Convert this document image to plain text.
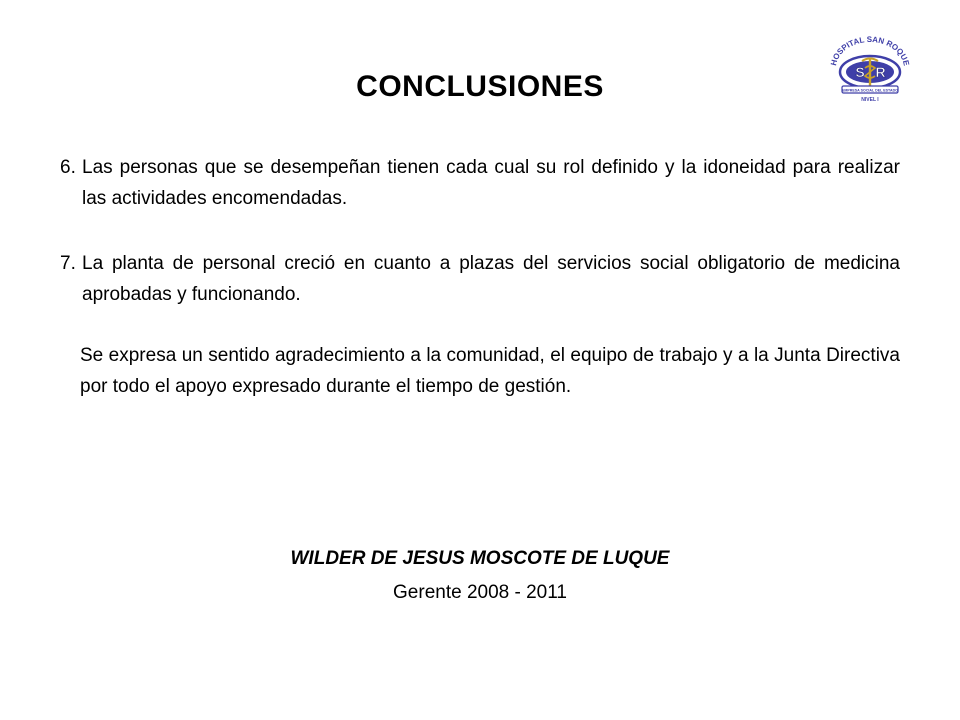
HOSPITAL SAN ROQUE
S R
EMPRESA SOCIAL DEL ESTADO
NIVEL I
CONCLUSIONES
6. Las personas que se desempeñan tienen cada cual su rol definido y la idoneidad para realizar las actividades encomendadas.
7. La planta de personal creció en cuanto a plazas del servicios social obligatorio de medicina aprobadas y funcionando.
Se expresa un sentido agradecimiento a la comunidad, el equipo de trabajo y a la Junta Directiva por todo el apoyo expresado durante el tiempo de gestión.
WILDER DE JESUS MOSCOTE DE LUQUE
Gerente 2008 - 2011
